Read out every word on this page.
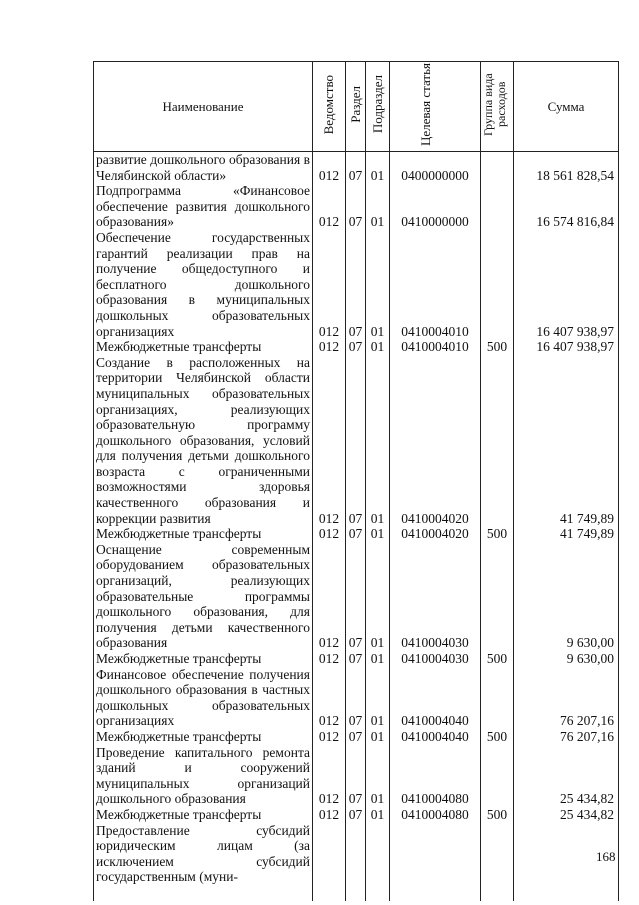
Наименование	Ведомство	Раздел	Подраздел	Целевая статья	Группа вида расходов	Сумма
развитие дошкольного образования в Челябинской области»	012	07	01	0400000000		18 561 828,54
Подпрограмма «Финансовое обеспечение развития дошкольного образования»	012	07	01	0410000000		16 574 816,84
Обеспечение государственных гарантий реализации прав на получение общедоступного и бесплатного дошкольного образования в муниципальных дошкольных образовательных организациях	012	07	01	0410004010		16 407 938,97
Межбюджетные трансферты	012	07	01	0410004010	500	16 407 938,97
Создание в расположенных на территории Челябинской области муниципальных образовательных организациях, реализующих образовательную программу дошкольного образования, условий для получения детьми дошкольного возраста с ограниченными возможностями здоровья качественного образования и коррекции развития	012	07	01	0410004020		41 749,89
Межбюджетные трансферты	012	07	01	0410004020	500	41 749,89
Оснащение современным оборудованием образовательных организаций, реализующих образовательные программы дошкольного образования, для получения детьми качественного образования	012	07	01	0410004030		9 630,00
Межбюджетные трансферты	012	07	01	0410004030	500	9 630,00
Финансовое обеспечение получения дошкольного образования в частных дошкольных образовательных организациях	012	07	01	0410004040		76 207,16
Межбюджетные трансферты	012	07	01	0410004040	500	76 207,16
Проведение капитального ремонта зданий и сооружений муниципальных организаций дошкольного образования	012	07	01	0410004080		25 434,82
Межбюджетные трансферты	012	07	01	0410004080	500	25 434,82
Предоставление субсидий юридическим лицам (за исключением субсидий государственным (муни-						
168
